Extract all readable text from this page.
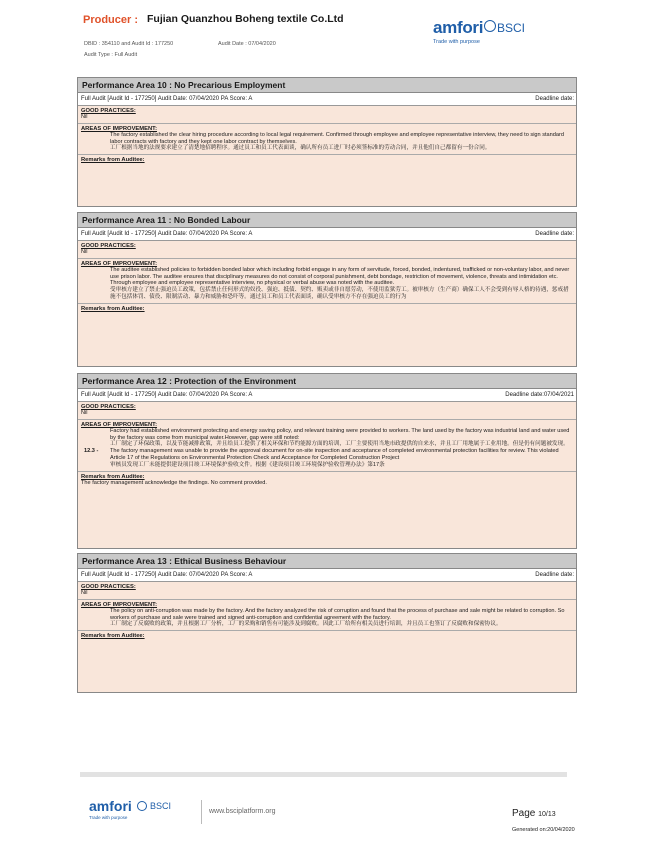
Producer : Fujian Quanzhou Boheng textile Co.Ltd
DBID : 354110 and Audit Id : 177250	Audit Date : 07/04/2020
Audit Type : Full Audit
amfori
Trade with purpose
BSCI
Performance Area 10 : No Precarious Employment
Full Audit [Audit Id - 177250] Audit Date: 07/04/2020 PA Score: A	Deadline date:
GOOD PRACTICES:
Nil
AREAS OF IMPROVEMENT:
The factory established the clear hiring procedure according to local legal requirement. Confirmed through employee and employee representative interview, they need to sign standard labor contracts with factory and they kept one labor contract by themselves.
工厂根据当地的法规要求建立了清楚地招聘程序。通过员工和员工代表面谈，确认所有员工进厂时必须签标准的劳动合同，并且他们自己都留有一份合同。
Remarks from Auditee:
Performance Area 11 : No Bonded Labour
Full Audit [Audit Id - 177250] Audit Date: 07/04/2020 PA Score: A	Deadline date:
GOOD PRACTICES:
Nil
AREAS OF IMPROVEMENT:
The auditee established policies to forbidden bonded labor which including forbid engage in any form of servitude, forced, bonded, indentured, trafficked or non-voluntary labor, and never use prison labor. The auditee ensures that disciplinary measures do not consist of corporal punishment, debt bondage, restriction of movement, violence, threats and intimidation etc. Through employee and employee representative interview, no physical or verbal abuse was noted with the auditee.
受审核方建立了禁止强迫员工政策，包括禁止任何形式的奴役、强迫、抵债、契约、贩卖或非自愿劳动，不使用监狱劳工。被审核方（生产商）确保工人不会受到有辱人格的待遇，惩戒措施不包括体罚、债役、限制活动、暴力和威胁和恐吓等。通过员工和员工代表面谈，确认受审核方不存在强迫员工的行为
Remarks from Auditee:
Performance Area 12 : Protection of the Environment
Full Audit [Audit Id - 177250] Audit Date: 07/04/2020 PA Score: A	Deadline date:07/04/2021
GOOD PRACTICES:
Nil
AREAS OF IMPROVEMENT:
Factory had established environment protecting and energy saving policy, and relevant training were provided to workers. The land used by the factory was industrial land and water used by the factory was come from municipal water.However, gap were still noted:
工厂制定了环保政策，以及节能减排政策，并且给员工提供了相关环保和节约能源方面的培训，工厂主要使用当地市政提供的自来水，并且工厂用地属于工业用地。但是仍有问题被发现。
12.3 - The factory management was unable to provide the approval document for on-site inspection and acceptance of completed environmental protection facilities for review. This violated Article 17 of the Regulations on Environmental Protection Check and Acceptance for Completed Construction Project
审核员发现工厂未能提供建设项目竣工环境保护验收文件。根据《建设项目竣工环境保护验收管理办法》第17条
Remarks from Auditee:
The factory management acknowledge the findings. No comment provided.
Performance Area 13 : Ethical Business Behaviour
Full Audit [Audit Id - 177250] Audit Date: 07/04/2020 PA Score: A	Deadline date:
GOOD PRACTICES:
Nil
AREAS OF IMPROVEMENT:
The policy on anti-corruption was made by the factory. And the factory analyzed the risk of corruption and found that the process of purchase and sale might be related to corruption. So workers of purchase and sale were trained and signed anti-corruption and confidential agreement with the factory.
工厂制定了反腐败的政策，并且根据工厂分析，工厂的采购和销售有可能涉及到腐败。因此工厂给所有相关员进行培训，并且员工也签订了反腐败和保密协议。
Remarks from Auditee:
amfori BSCI
Trade with purpose
www.bsciplatform.org	Page 10/13
Generated on:20/04/2020
